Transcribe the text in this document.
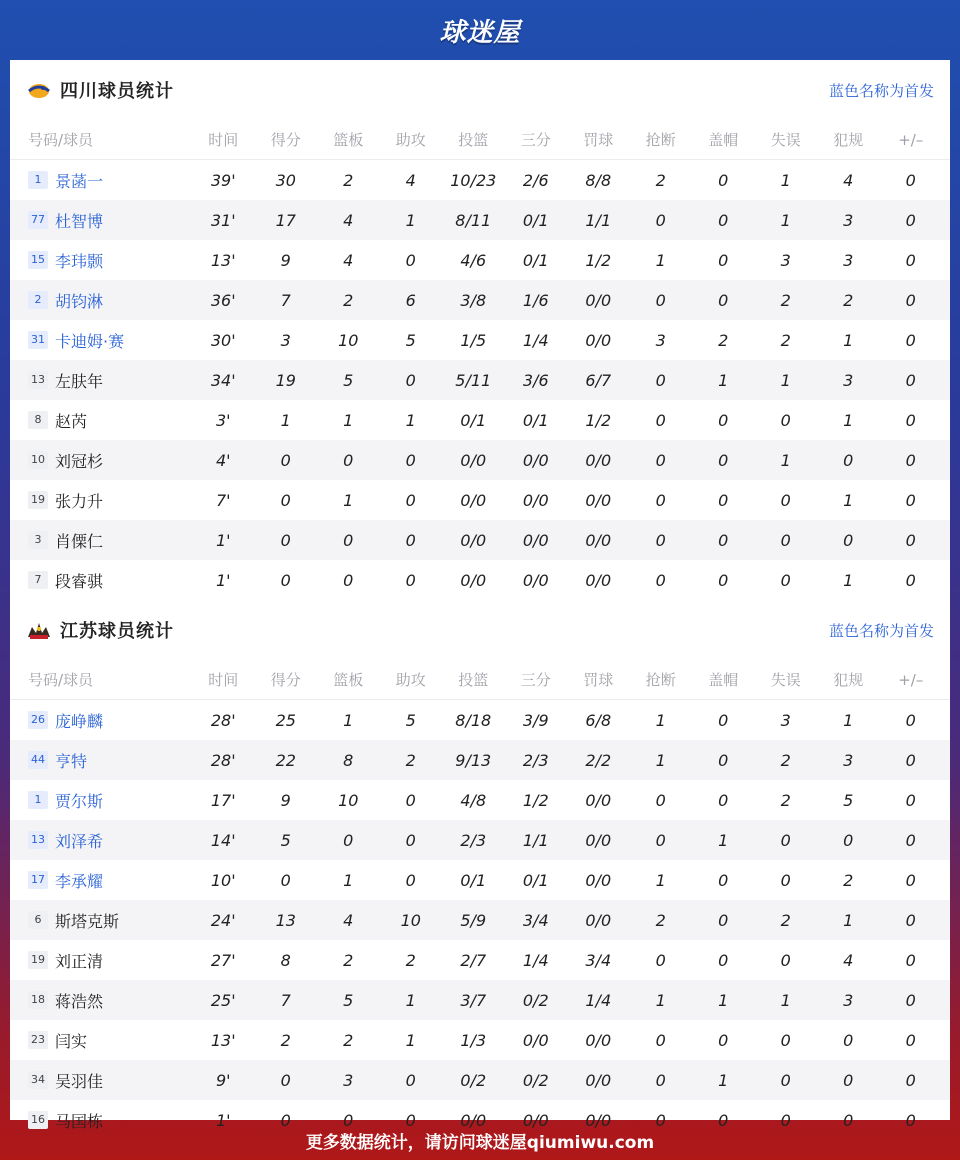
球迷屋
四川球员统计	蓝色名称为首发
号码/球员	时间	得分	篮板	助攻	投篮	三分	罚球	抢断	盖帽	失误	犯规	+/–
1 景菡一	39'	30	2	4	10/23	2/6	8/8	2	0	1	4	0
77 杜智博	31'	17	4	1	8/11	0/1	1/1	0	0	1	3	0
15 李玮颢	13'	9	4	0	4/6	0/1	1/2	1	0	3	3	0
2 胡钧淋	36'	7	2	6	3/8	1/6	0/0	0	0	2	2	0
31 卡迪姆·赛	30'	3	10	5	1/5	1/4	0/0	3	2	2	1	0
13 左肤年	34'	19	5	0	5/11	3/6	6/7	0	1	1	3	0
8 赵芮	3'	1	1	1	0/1	0/1	1/2	0	0	0	1	0
10 刘冠杉	4'	0	0	0	0/0	0/0	0/0	0	0	1	0	0
19 张力升	7'	0	1	0	0/0	0/0	0/0	0	0	0	1	0
3 肖傈仁	1'	0	0	0	0/0	0/0	0/0	0	0	0	0	0
7 段睿骐	1'	0	0	0	0/0	0/0	0/0	0	0	0	1	0
江苏球员统计	蓝色名称为首发
号码/球员	时间	得分	篮板	助攻	投篮	三分	罚球	抢断	盖帽	失误	犯规	+/–
26 庞峥麟	28'	25	1	5	8/18	3/9	6/8	1	0	3	1	0
44 亨特	28'	22	8	2	9/13	2/3	2/2	1	0	2	3	0
1 贾尔斯	17'	9	10	0	4/8	1/2	0/0	0	0	2	5	0
13 刘泽希	14'	5	0	0	2/3	1/1	0/0	0	1	0	0	0
17 李承耀	10'	0	1	0	0/1	0/1	0/0	1	0	0	2	0
6 斯塔克斯	24'	13	4	10	5/9	3/4	0/0	2	0	2	1	0
19 刘正清	27'	8	2	2	2/7	1/4	3/4	0	0	0	4	0
18 蒋浩然	25'	7	5	1	3/7	0/2	1/4	1	1	1	3	0
23 闫实	13'	2	2	1	1/3	0/0	0/0	0	0	0	0	0
34 吴羽佳	9'	0	3	0	0/2	0/2	0/0	0	1	0	0	0
16 马国栋	1'	0	0	0	0/0	0/0	0/0	0	0	0	0	0
更多数据统计，请访问球迷屋qiumiwu.com
